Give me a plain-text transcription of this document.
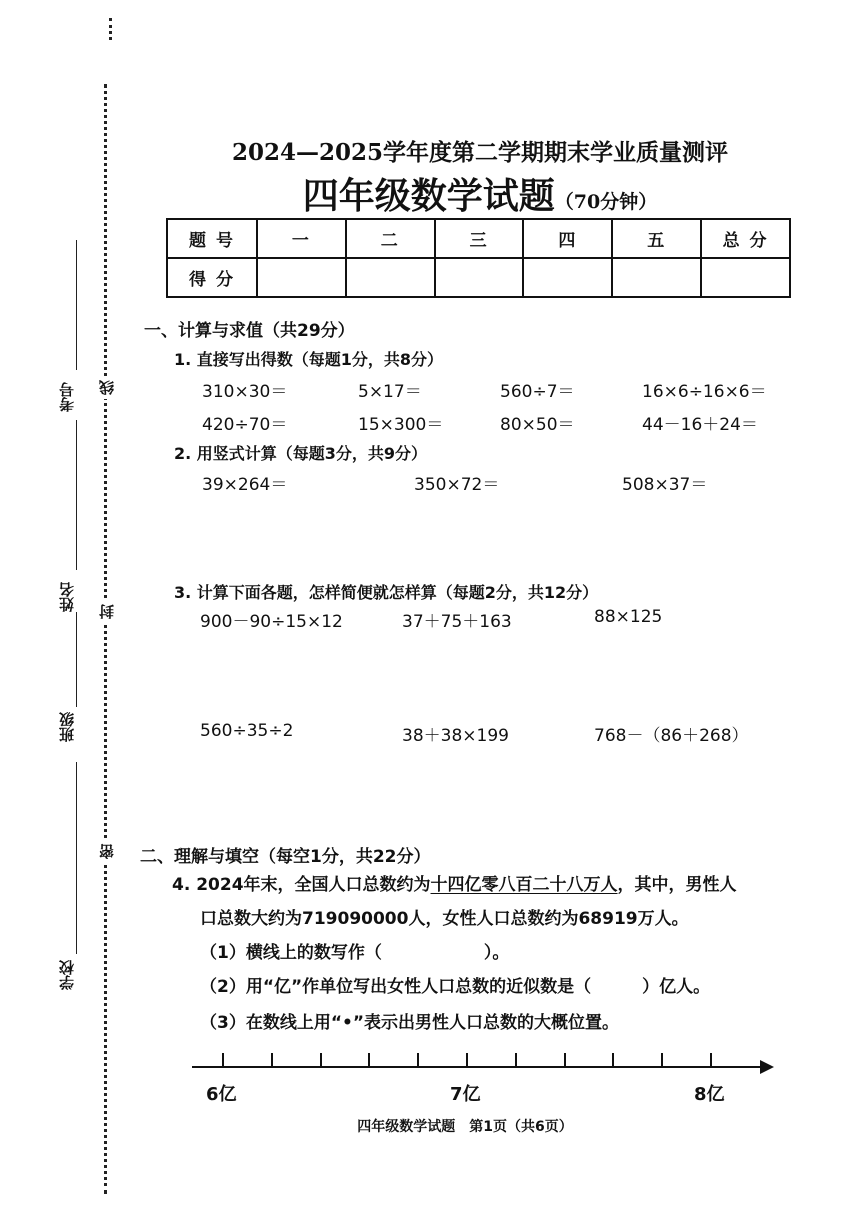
线
封
密
考号
姓名
班级
学校
2024—2025学年度第二学期期末学业质量测评
四年级数学试题（70分钟）
题 号	一	二	三	四	五	总 分
得 分						
一、计算与求值（共29分）
1. 直接写出得数（每题1分，共8分）
310×30＝	5×17＝	560÷7＝	16×6÷16×6＝
420÷70＝	15×300＝	80×50＝	44－16＋24＝
2. 用竖式计算（每题3分，共9分）
39×264＝	350×72＝	508×37＝
3. 计算下面各题，怎样简便就怎样算（每题2分，共12分）
900－90÷15×12	37＋75＋163	88×125
560÷35÷2	38＋38×199	768－（86＋268）
二、理解与填空（每空1分，共22分）
4. 2024年末，全国人口总数约为十四亿零八百二十八万人，其中，男性人
口总数大约为719090000人，女性人口总数约为68919万人。
（1）横线上的数写作（　　　　　　）。
（2）用“亿”作单位写出女性人口总数的近似数是（　　　）亿人。
（3）在数线上用“•”表示出男性人口总数的大概位置。
6亿	7亿	8亿
四年级数学试题　第1页（共6页）
